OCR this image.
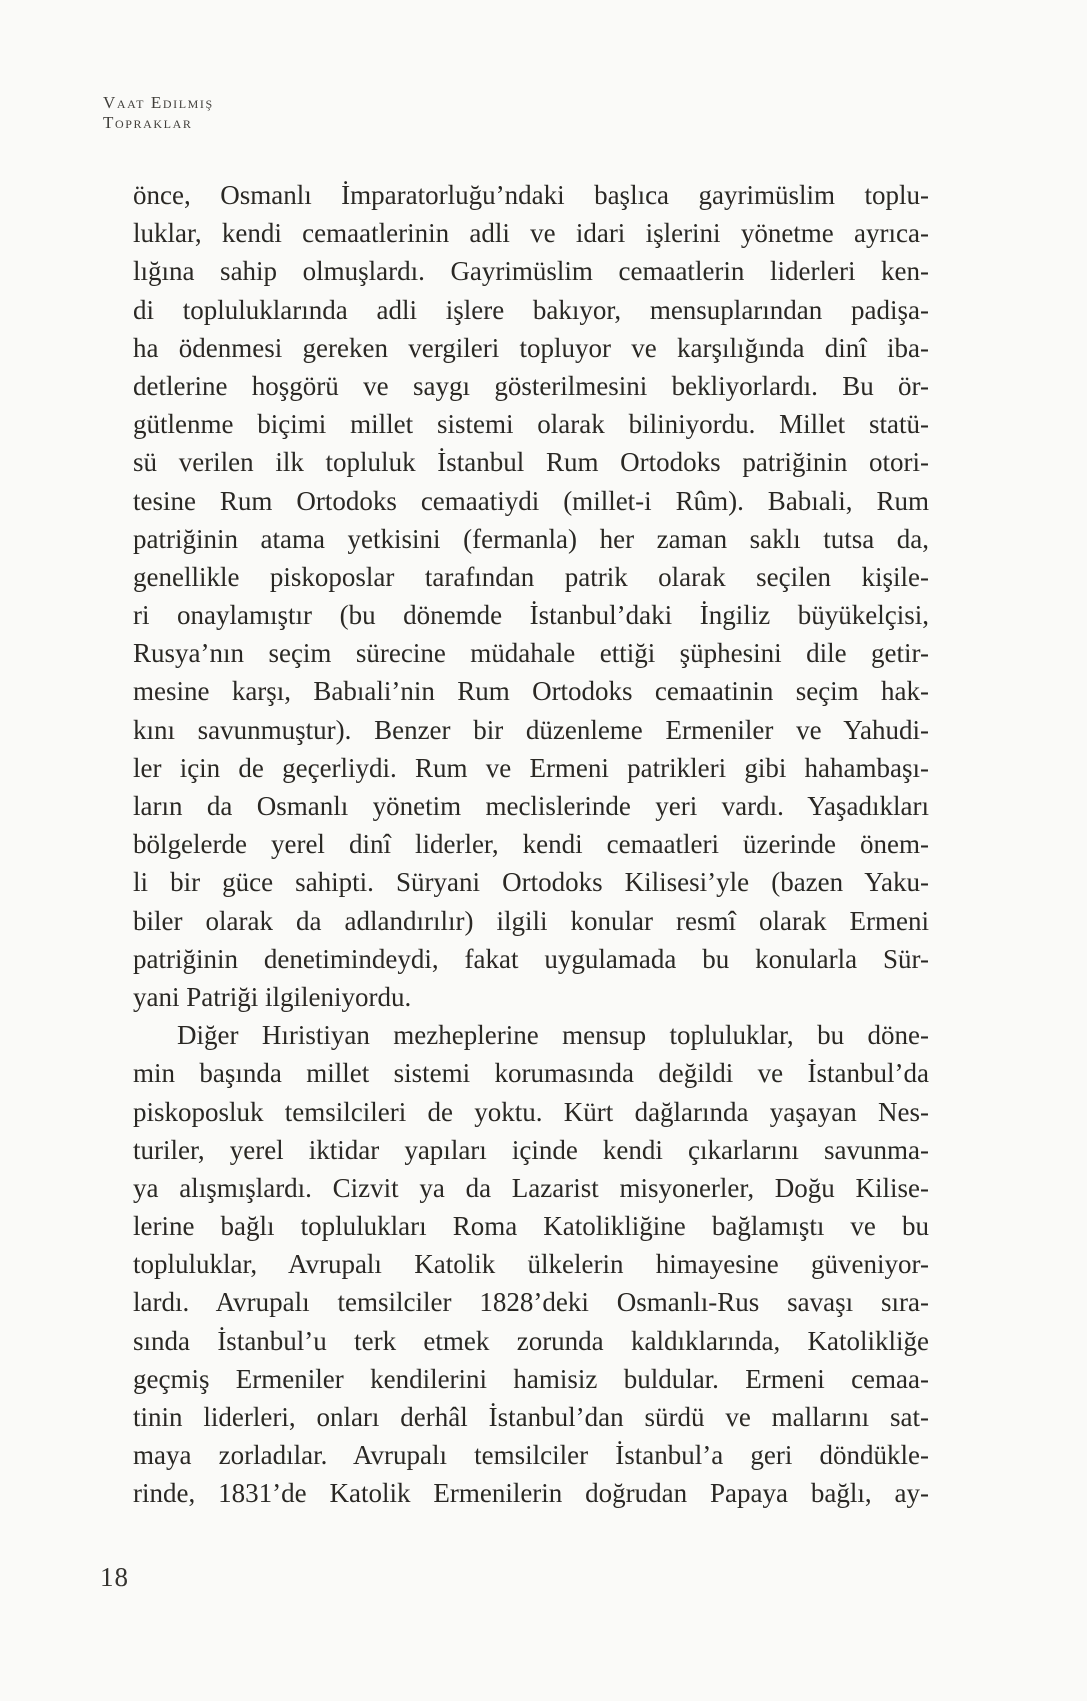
Vaat Edilmiş
Topraklar
önce, Osmanlı İmparatorluğu’ndaki başlıca gayrimüslim toplu-
luklar, kendi cemaatlerinin adli ve idari işlerini yönetme ayrıca-
lığına sahip olmuşlardı. Gayrimüslim cemaatlerin liderleri ken-
di topluluklarında adli işlere bakıyor, mensuplarından padişa-
ha ödenmesi gereken vergileri topluyor ve karşılığında dinî iba-
detlerine hoşgörü ve saygı gösterilmesini bekliyorlardı. Bu ör-
gütlenme biçimi millet sistemi olarak biliniyordu. Millet statü-
sü verilen ilk topluluk İstanbul Rum Ortodoks patriğinin otori-
tesine Rum Ortodoks cemaatiydi (millet-i Rûm). Babıali, Rum
patriğinin atama yetkisini (fermanla) her zaman saklı tutsa da,
genellikle piskoposlar tarafından patrik olarak seçilen kişile-
ri onaylamıştır (bu dönemde İstanbul’daki İngiliz büyükelçisi,
Rusya’nın seçim sürecine müdahale ettiği şüphesini dile getir-
mesine karşı, Babıali’nin Rum Ortodoks cemaatinin seçim hak-
kını savunmuştur). Benzer bir düzenleme Ermeniler ve Yahudi-
ler için de geçerliydi. Rum ve Ermeni patrikleri gibi hahambaşı-
ların da Osmanlı yönetim meclislerinde yeri vardı. Yaşadıkları
bölgelerde yerel dinî liderler, kendi cemaatleri üzerinde önem-
li bir güce sahipti. Süryani Ortodoks Kilisesi’yle (bazen Yaku-
biler olarak da adlandırılır) ilgili konular resmî olarak Ermeni
patriğinin denetimindeydi, fakat uygulamada bu konularla Sür-
yani Patriği ilgileniyordu.
Diğer Hıristiyan mezheplerine mensup topluluklar, bu döne-
min başında millet sistemi korumasında değildi ve İstanbul’da
piskoposluk temsilcileri de yoktu. Kürt dağlarında yaşayan Nes-
turiler, yerel iktidar yapıları içinde kendi çıkarlarını savunma-
ya alışmışlardı. Cizvit ya da Lazarist misyonerler, Doğu Kilise-
lerine bağlı toplulukları Roma Katolikliğine bağlamıştı ve bu
topluluklar, Avrupalı Katolik ülkelerin himayesine güveniyor-
lardı. Avrupalı temsilciler 1828’deki Osmanlı-Rus savaşı sıra-
sında İstanbul’u terk etmek zorunda kaldıklarında, Katolikliğe
geçmiş Ermeniler kendilerini hamisiz buldular. Ermeni cemaa-
tinin liderleri, onları derhâl İstanbul’dan sürdü ve mallarını sat-
maya zorladılar. Avrupalı temsilciler İstanbul’a geri döndükle-
rinde, 1831’de Katolik Ermenilerin doğrudan Papaya bağlı, ay-
18
